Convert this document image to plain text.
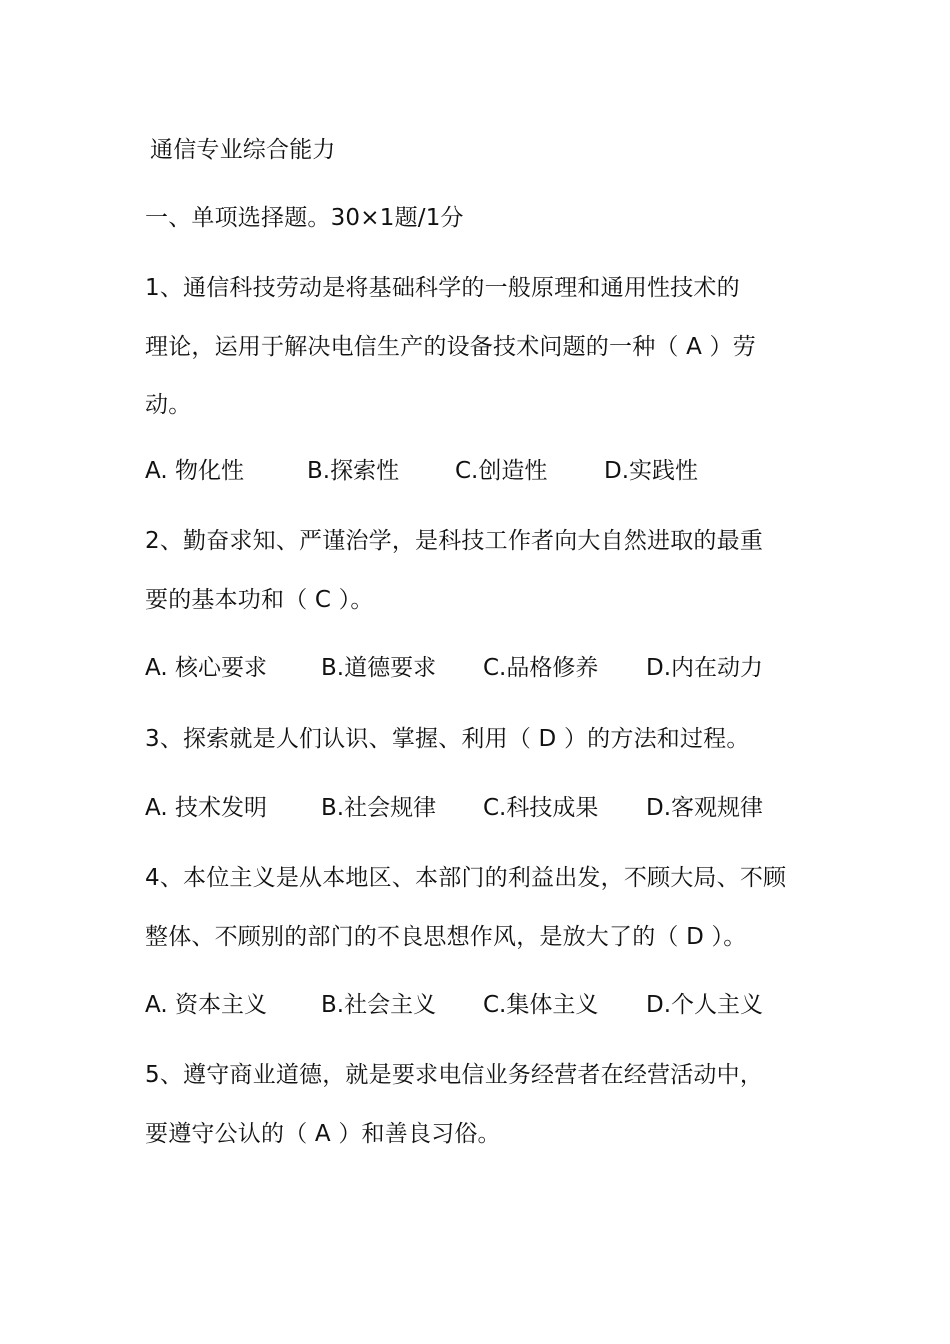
通信专业综合能力
一、单项选择题。30×1题/1分
1、通信科技劳动是将基础科学的一般原理和通用性技术的
理论，运用于解决电信生产的设备技术问题的一种（ A ）劳
动。
A. 物化性	B.探索性 C.创造性 D.实践性
2、勤奋求知、严谨治学，是科技工作者向大自然进取的最重
要的基本功和（ C ）。
A. 核心要求 B.道德要求 C.品格修养 D.内在动力
3、探索就是人们认识、掌握、利用（ D ）的方法和过程。
A. 技术发明 B.社会规律 C.科技成果 D.客观规律
4、本位主义是从本地区、本部门的利益出发，不顾大局、不顾
整体、不顾别的部门的不良思想作风，是放大了的（ D ）。
A. 资本主义 B.社会主义 C.集体主义 D.个人主义
5、遵守商业道德，就是要求电信业务经营者在经营活动中，
要遵守公认的（ A ）和善良习俗。
